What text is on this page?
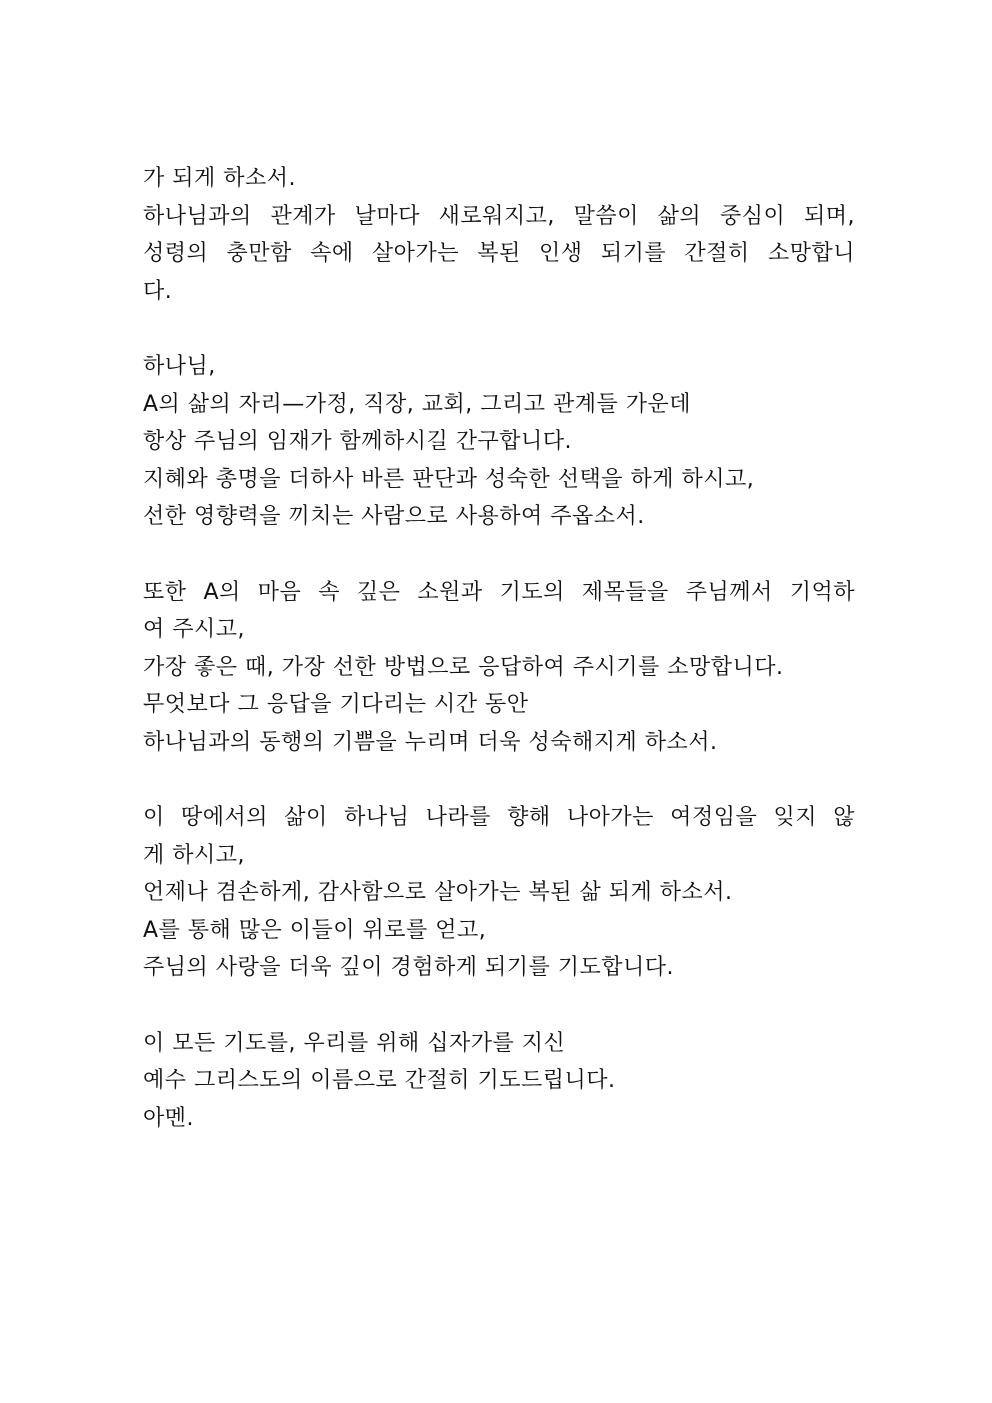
가 되게 하소서.
하나님과의 관계가 날마다 새로워지고, 말씀이 삶의 중심이 되며,
성령의 충만함 속에 살아가는 복된 인생 되기를 간절히 소망합니
다.

하나님,
A의 삶의 자리—가정, 직장, 교회, 그리고 관계들 가운데
항상 주님의 임재가 함께하시길 간구합니다.
지혜와 총명을 더하사 바른 판단과 성숙한 선택을 하게 하시고,
선한 영향력을 끼치는 사람으로 사용하여 주옵소서.

또한 A의 마음 속 깊은 소원과 기도의 제목들을 주님께서 기억하
여 주시고,
가장 좋은 때, 가장 선한 방법으로 응답하여 주시기를 소망합니다.
무엇보다 그 응답을 기다리는 시간 동안
하나님과의 동행의 기쁨을 누리며 더욱 성숙해지게 하소서.

이 땅에서의 삶이 하나님 나라를 향해 나아가는 여정임을 잊지 않
게 하시고,
언제나 겸손하게, 감사함으로 살아가는 복된 삶 되게 하소서.
A를 통해 많은 이들이 위로를 얻고,
주님의 사랑을 더욱 깊이 경험하게 되기를 기도합니다.

이 모든 기도를, 우리를 위해 십자가를 지신
예수 그리스도의 이름으로 간절히 기도드립니다.
아멘.
